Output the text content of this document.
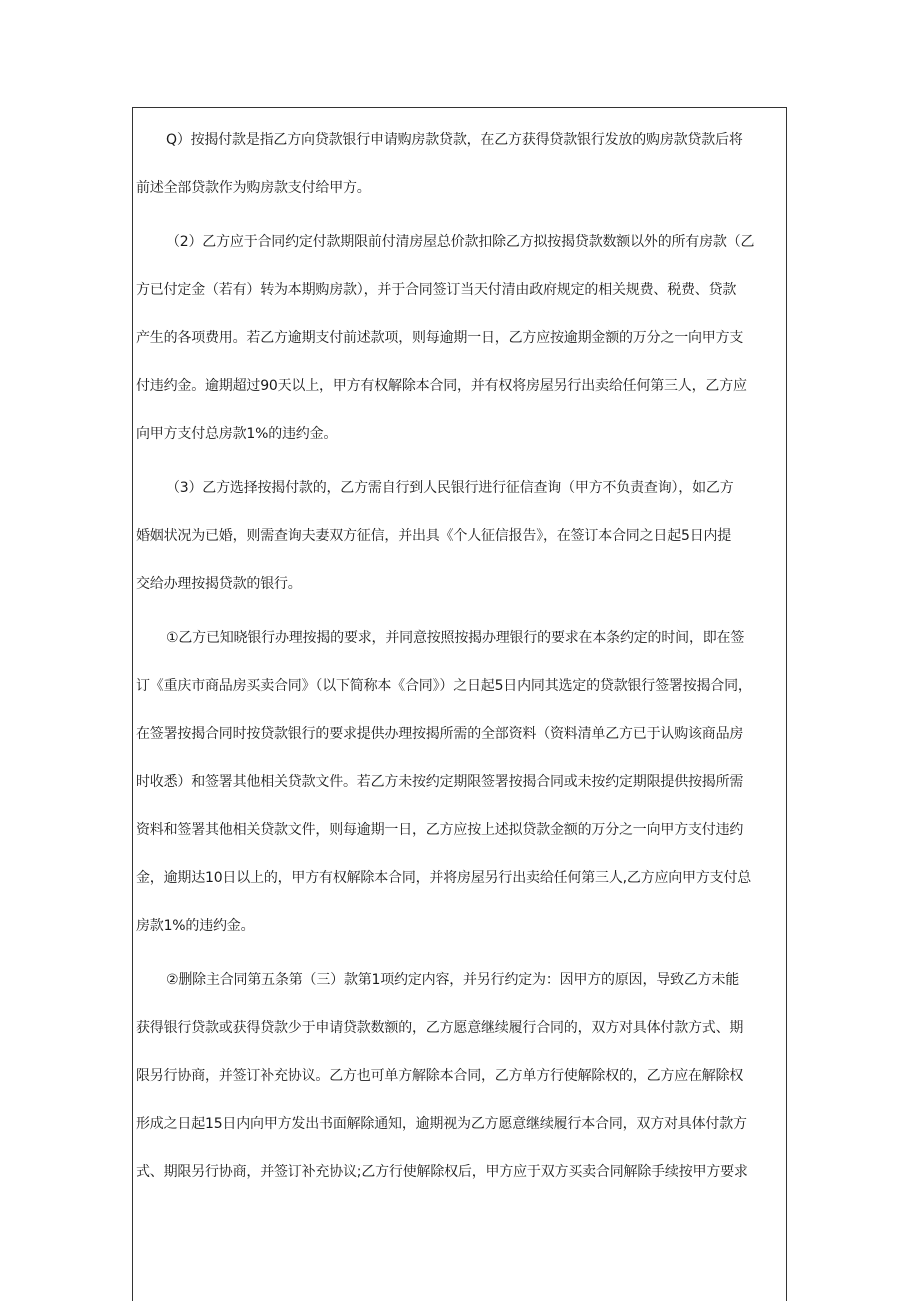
Q）按揭付款是指乙方向贷款银行申请购房款贷款，在乙方获得贷款银行发放的购房款贷款后将
前述全部贷款作为购房款支付给甲方。
（2）乙方应于合同约定付款期限前付清房屋总价款扣除乙方拟按揭贷款数额以外的所有房款（乙
方已付定金（若有）转为本期购房款），并于合同签订当天付清由政府规定的相关规费、税费、贷款
产生的各项费用。若乙方逾期支付前述款项，则每逾期一日，乙方应按逾期金额的万分之一向甲方支
付违约金。逾期超过90天以上，甲方有权解除本合同，并有权将房屋另行出卖给任何第三人，乙方应
向甲方支付总房款1%的违约金。
（3）乙方选择按揭付款的，乙方需自行到人民银行进行征信查询（甲方不负责查询），如乙方
婚姻状况为已婚，则需查询夫妻双方征信，并出具《个人征信报告》，在签订本合同之日起5日内提
交给办理按揭贷款的银行。
①乙方已知晓银行办理按揭的要求，并同意按照按揭办理银行的要求在本条约定的时间，即在签
订《重庆市商品房买卖合同》（以下简称本《合同》）之日起5日内同其选定的贷款银行签署按揭合同，
在签署按揭合同时按贷款银行的要求提供办理按揭所需的全部资料（资料清单乙方已于认购该商品房
时收悉）和签署其他相关贷款文件。若乙方未按约定期限签署按揭合同或未按约定期限提供按揭所需
资料和签署其他相关贷款文件，则每逾期一日，乙方应按上述拟贷款金额的万分之一向甲方支付违约
金，逾期达10日以上的，甲方有权解除本合同，并将房屋另行出卖给任何第三人,乙方应向甲方支付总
房款1%的违约金。
②删除主合同第五条第（三）款第1项约定内容，并另行约定为：因甲方的原因，导致乙方未能
获得银行贷款或获得贷款少于申请贷款数额的，乙方愿意继续履行合同的，双方对具体付款方式、期
限另行协商，并签订补充协议。乙方也可单方解除本合同，乙方单方行使解除权的，乙方应在解除权
形成之日起15日内向甲方发出书面解除通知，逾期视为乙方愿意继续履行本合同，双方对具体付款方
式、期限另行协商，并签订补充协议;乙方行使解除权后，甲方应于双方买卖合同解除手续按甲方要求
